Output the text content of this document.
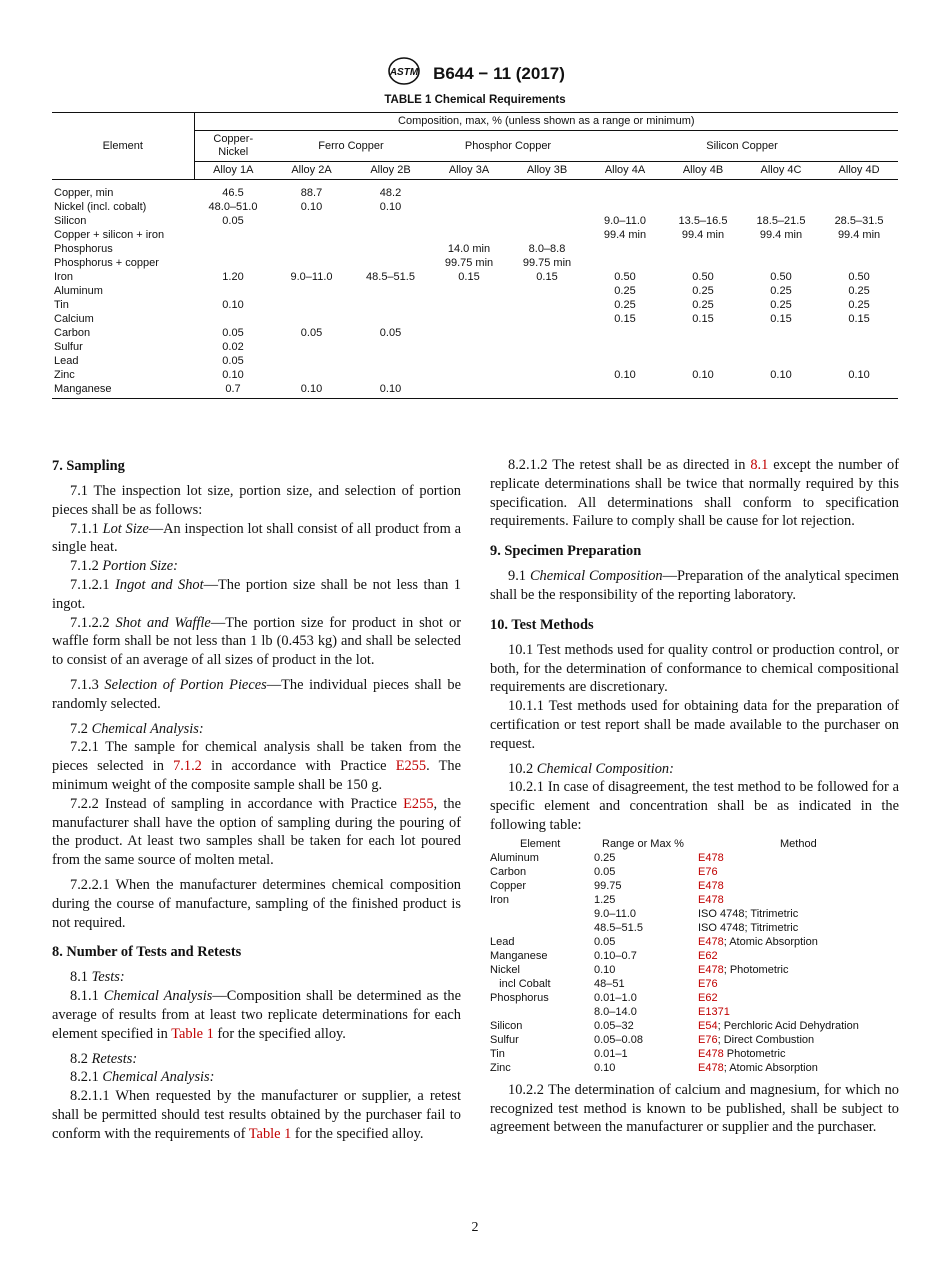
ASTM B644 − 11 (2017)
TABLE 1 Chemical Requirements
Element	Composition, max, % (unless shown as a range or minimum)								
	Copper-
Nickel	Ferro Copper		Phosphor Copper		Silicon Copper			
	Alloy 1A	Alloy 2A	Alloy 2B	Alloy 3A	Alloy 3B	Alloy 4A	Alloy 4B	Alloy 4C	Alloy 4D
Copper, min	46.5	88.7	48.2						
Nickel (incl. cobalt)	48.0–51.0	0.10	0.10						
Silicon	0.05					9.0–11.0	13.5–16.5	18.5–21.5	28.5–31.5
Copper + silicon + iron						99.4 min	99.4 min	99.4 min	99.4 min
Phosphorus				14.0 min	8.0–8.8				
Phosphorus + copper				99.75 min	99.75 min				
Iron	1.20	9.0–11.0	48.5–51.5	0.15	0.15	0.50	0.50	0.50	0.50
Aluminum						0.25	0.25	0.25	0.25
Tin	0.10					0.25	0.25	0.25	0.25
Calcium						0.15	0.15	0.15	0.15
Carbon	0.05	0.05	0.05						
Sulfur	0.02								
Lead	0.05								
Zinc	0.10					0.10	0.10	0.10	0.10
Manganese	0.7	0.10	0.10						
7. Sampling

7.1 The inspection lot size, portion size, and selection of portion pieces shall be as follows:

7.1.1 Lot Size—An inspection lot shall consist of all product from a single heat.

7.1.2 Portion Size:

7.1.2.1 Ingot and Shot—The portion size shall be not less than 1 ingot.

7.1.2.2 Shot and Waffle—The portion size for product in shot or waffle form shall be not less than 1 lb (0.453 kg) and shall be selected to consist of an average of all sizes of product in the lot.

7.1.3 Selection of Portion Pieces—The individual pieces shall be randomly selected.

7.2 Chemical Analysis:

7.2.1 The sample for chemical analysis shall be taken from the pieces selected in 7.1.2 in accordance with Practice E255. The minimum weight of the composite sample shall be 150 g.

7.2.2 Instead of sampling in accordance with Practice E255, the manufacturer shall have the option of sampling during the pouring of the product. At least two samples shall be taken for each lot poured from the same source of molten metal.

7.2.2.1 When the manufacturer determines chemical composition during the course of manufacture, sampling of the finished product is not required.

8. Number of Tests and Retests

8.1 Tests:

8.1.1 Chemical Analysis—Composition shall be determined as the average of results from at least two replicate determinations for each element specified in Table 1 for the specified alloy.

8.2 Retests:

8.2.1 Chemical Analysis:

8.2.1.1 When requested by the manufacturer or supplier, a retest shall be permitted should test results obtained by the purchaser fail to conform with the requirements of Table 1 for the specified alloy.

8.2.1.2 The retest shall be as directed in 8.1 except the number of replicate determinations shall be twice that normally required by this specification. All determinations shall conform to specification requirements. Failure to comply shall be cause for lot rejection.

9. Specimen Preparation

9.1 Chemical Composition—Preparation of the analytical specimen shall be the responsibility of the reporting laboratory.

10. Test Methods

10.1 Test methods used for quality control or production control, or both, for the determination of conformance to chemical compositional requirements are discretionary.

10.1.1 Test methods used for obtaining data for the preparation of certification or test report shall be made available to the purchaser on request.

10.2 Chemical Composition:

10.2.1 In case of disagreement, the test method to be followed for a specific element and concentration shall be as indicated in the following table:

Element	Range or Max %	Method
Aluminum	0.25	E478
Carbon	0.05	E76
Copper	99.75	E478
Iron	1.25	E478
	9.0–11.0	ISO 4748; Titrimetric
	48.5–51.5	ISO 4748; Titrimetric
Lead	0.05	E478; Atomic Absorption
Manganese	0.10–0.7	E62
Nickel	0.10	E478; Photometric
incl Cobalt	48–51	E76
Phosphorus	0.01–1.0	E62
	8.0–14.0	E1371
Silicon	0.05–32	E54; Perchloric Acid Dehydration
Sulfur	0.05–0.08	E76; Direct Combustion
Tin	0.01–1	E478 Photometric
Zinc	0.10	E478; Atomic Absorption

10.2.2 The determination of calcium and magnesium, for which no recognized test method is known to be published, shall be subject to agreement between the manufacturer or supplier and the purchaser.

2
